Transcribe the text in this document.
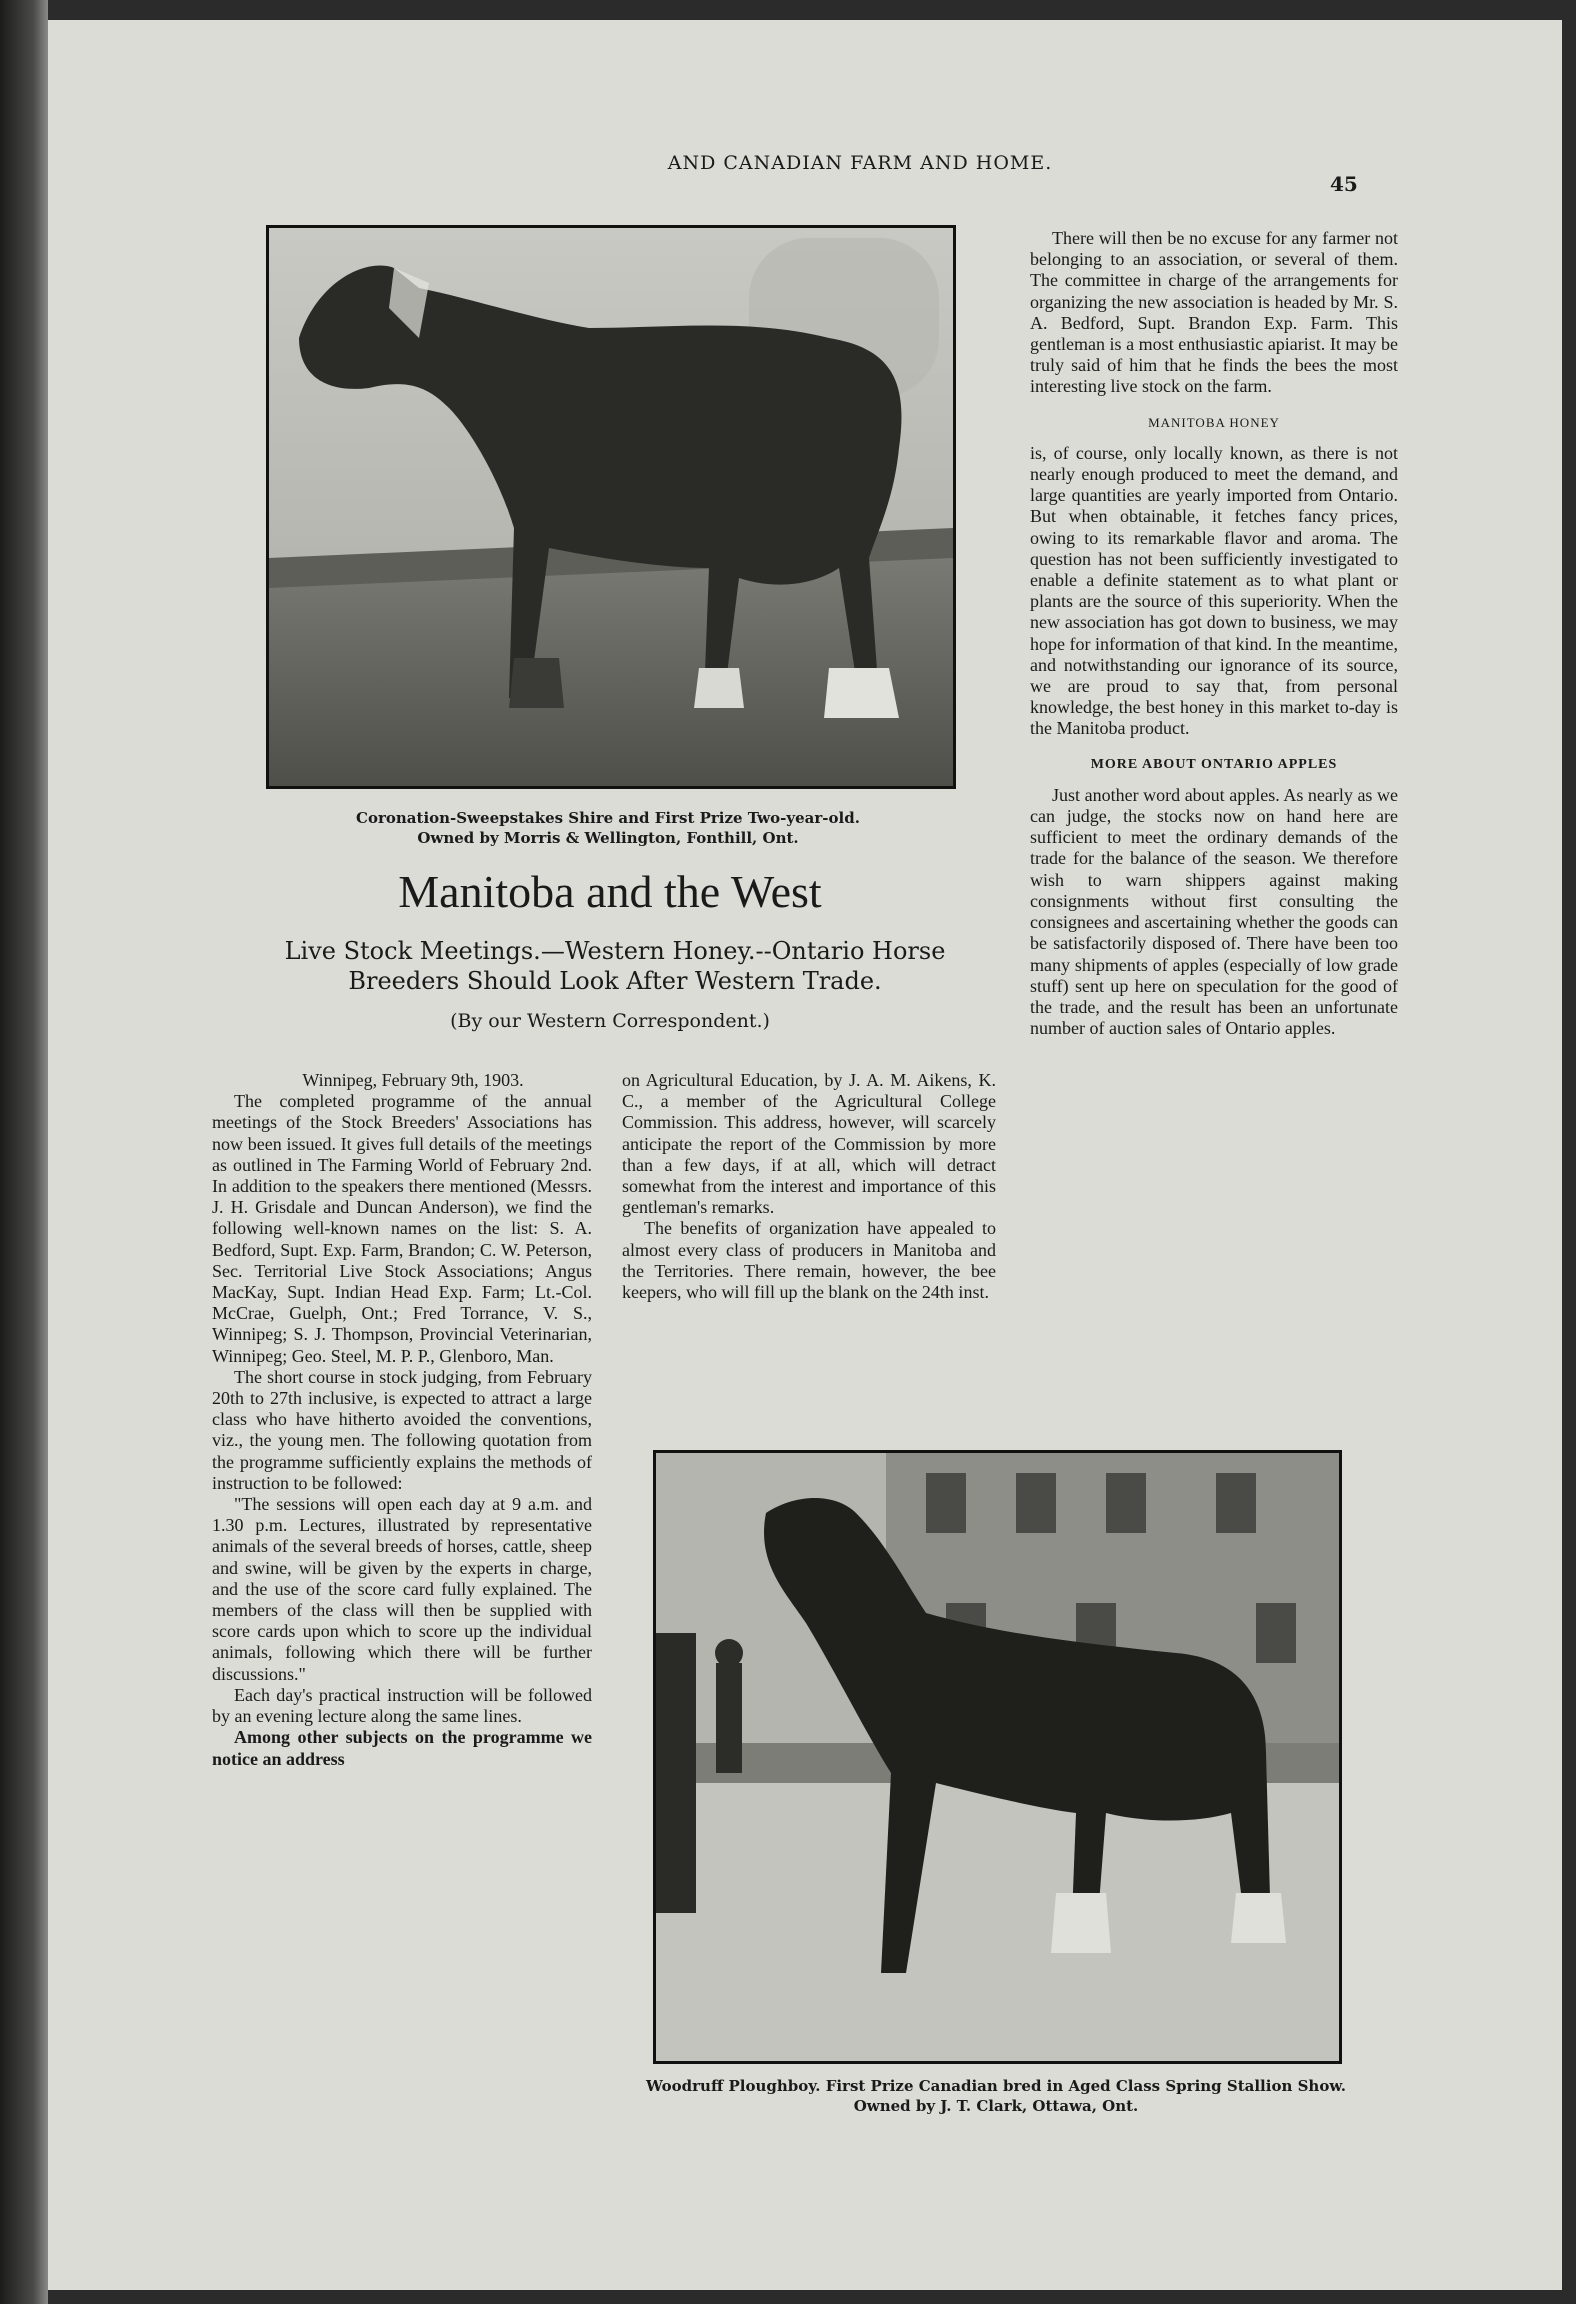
AND CANADIAN FARM AND HOME.
45
Coronation-Sweepstakes Shire and First Prize Two-year-old.
Owned by Morris & Wellington, Fonthill, Ont.
Manitoba and the West
Live Stock Meetings.—Western Honey.--Ontario Horse
Breeders Should Look After Western Trade.
(By our Western Correspondent.)

Winnipeg, February 9th, 1903.

The completed programme of the annual meetings of the Stock Breeders' Associations has now been issued. It gives full details of the meetings as outlined in The Farming World of February 2nd. In addition to the speakers there mentioned (Messrs. J. H. Grisdale and Duncan Anderson), we find the following well-known names on the list: S. A. Bedford, Supt. Exp. Farm, Brandon; C. W. Peterson, Sec. Territorial Live Stock Associations; Angus MacKay, Supt. Indian Head Exp. Farm; Lt.-Col. McCrae, Guelph, Ont.; Fred Torrance, V. S., Winnipeg; S. J. Thompson, Provincial Veterinarian, Winnipeg; Geo. Steel, M. P. P., Glenboro, Man.

The short course in stock judging, from February 20th to 27th inclusive, is expected to attract a large class who have hitherto avoided the conventions, viz., the young men. The following quotation from the programme sufficiently explains the methods of instruction to be followed:

"The sessions will open each day at 9 a.m. and 1.30 p.m. Lectures, illustrated by representative animals of the several breeds of horses, cattle, sheep and swine, will be given by the experts in charge, and the use of the score card fully explained. The members of the class will then be supplied with score cards upon which to score up the individual animals, following which there will be further discussions."

Each day's practical instruction will be followed by an evening lecture along the same lines.

Among other subjects on the programme we notice an address

on Agricultural Education, by J. A. M. Aikens, K. C., a member of the Agricultural College Commission. This address, however, will scarcely anticipate the report of the Commission by more than a few days, if at all, which will detract somewhat from the interest and importance of this gentleman's remarks.

The benefits of organization have appealed to almost every class of producers in Manitoba and the Territories. There remain, however, the bee keepers, who will fill up the blank on the 24th inst.

There will then be no excuse for any farmer not belonging to an association, or several of them. The committee in charge of the arrangements for organizing the new association is headed by Mr. S. A. Bedford, Supt. Brandon Exp. Farm. This gentleman is a most enthusiastic apiarist. It may be truly said of him that he finds the bees the most interesting live stock on the farm.

MANITOBA HONEY

is, of course, only locally known, as there is not nearly enough produced to meet the demand, and large quantities are yearly imported from Ontario. But when obtainable, it fetches fancy prices, owing to its remarkable flavor and aroma. The question has not been sufficiently investigated to enable a definite statement as to what plant or plants are the source of this superiority. When the new association has got down to business, we may hope for information of that kind. In the meantime, and notwithstanding our ignorance of its source, we are proud to say that, from personal knowledge, the best honey in this market to-day is the Manitoba product.

MORE ABOUT ONTARIO APPLES

Just another word about apples. As nearly as we can judge, the stocks now on hand here are sufficient to meet the ordinary demands of the trade for the balance of the season. We therefore wish to warn shippers against making consignments without first consulting the consignees and ascertaining whether the goods can be satisfactorily disposed of. There have been too many shipments of apples (especially of low grade stuff) sent up here on speculation for the good of the trade, and the result has been an unfortunate number of auction sales of Ontario apples.

Woodruff Ploughboy. First Prize Canadian bred in Aged Class Spring Stallion Show.
Owned by J. T. Clark, Ottawa, Ont.
